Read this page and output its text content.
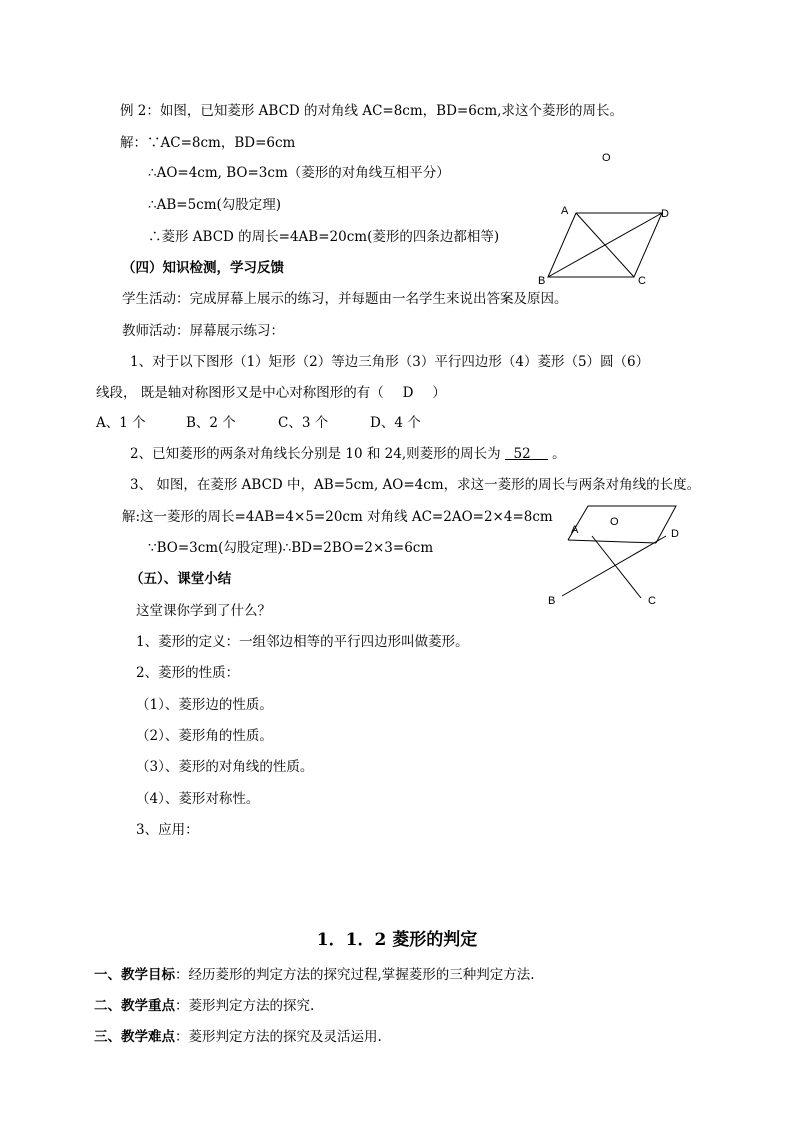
例 2：如图，已知菱形 ABCD 的对角线 AC=8cm，BD=6cm,求这个菱形的周长。
解：∵AC=8cm，BD=6cm
∴AO=4cm, BO=3cm（菱形的对角线互相平分）
∴AB=5cm(勾股定理)
∴菱形 ABCD 的周长=4AB=20cm(菱形的四条边都相等)
O
A	D
B	C
（四）知识检测，学习反馈
学生活动：完成屏幕上展示的练习，并每题由一名学生来说出答案及原因。
教师活动：屏幕展示练习：
1、对于以下图形（1）矩形（2）等边三角形（3）平行四边形（4）菱形（5）圆（6）
线段， 既是轴对称图形又是中心对称图形的有（ D ）
A、1 个	B、2 个	C、3 个	D、4 个
2、已知菱形的两条对角线长分别是 10 和 24,则菱形的周长为   52     。
3、 如图，在菱形 ABCD 中，AB=5cm, AO=4cm，求这一菱形的周长与两条对角线的长度。
解:这一菱形的周长=4AB=4×5=20cm 对角线 AC=2AO=2×4=8cm
∵BO=3cm(勾股定理)∴BD=2BO=2×3=6cm
O
A	D
B	C
（五）、课堂小结
这堂课你学到了什么？
1、菱形的定义：一组邻边相等的平行四边形叫做菱形。
2、菱形的性质：
（1）、菱形边的性质。
（2）、菱形角的性质。
（3）、菱形的对角线的性质。
（4）、菱形对称性。
3、应用：
1．1．2 菱形的判定
一、教学目标：经历菱形的判定方法的探究过程,掌握菱形的三种判定方法.
二、教学重点：菱形判定方法的探究.
三、教学难点：菱形判定方法的探究及灵活运用.
